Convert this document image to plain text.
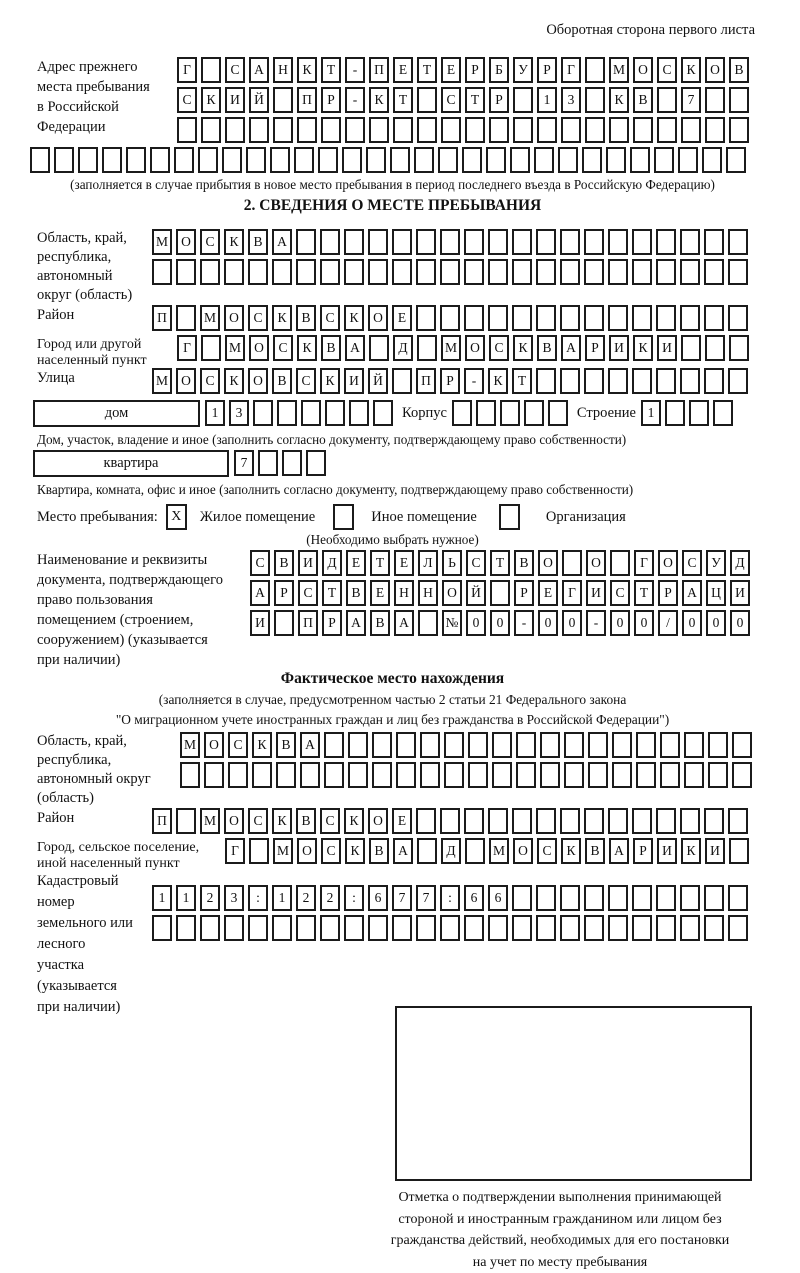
Оборотная сторона первого листа
Адрес прежнего
места пребывания
в Российской
Федерации
Г	С	А	Н	К	Т	-	П	Е	Т	Е	Р	Б	У	Р	Г	М О	С	К	О	В
С	К	И	Й	П	Р	-	К	Т	С	Т	Р	1	3	К	В	7
(заполняется в случае прибытия в новое место пребывания в период последнего въезда в Российскую Федерацию)
2. СВЕДЕНИЯ О МЕСТЕ ПРЕБЫВАНИЯ
Область, край,
республика,
автономный
округ (область)
М О	С	К	В	А
Район	П	М О	С	К	В	С	К	О	Е
Город или другой
населенный пункт
Г	М О	С	К	В	А	Д	М О	С	К	В	А	Р	И	К	И
Улица	М О	С	К	О	В	С	К	И	Й	П	Р	-	К	Т
дом	1	3	Корпус	Строение 1
Дом, участок, владение и иное (заполнить согласно документу, подтверждающему право собственности)
квартира	7
Квартира, комната, офис и иное (заполнить согласно документу, подтверждающему право собственности)
Место пребывания: X	Жилое помещение	Иное помещение	Организация
(Необходимо выбрать нужное)
Наименование и реквизиты
документа, подтверждающего
право пользования
помещением (строением,
сооружением) (указывается
при наличии)
С	В	И	Д	Е	Т	Е	Л	Ь	С	Т	В	О	О	Г	О	С	У	Д
А	Р	С	Т	В	Е	Н	Н	О	Й	Р	Е	Г	И	С	Т	Р	А	Ц	И
И	П	Р	А	В	А	№	0	0	-	0	0	-	0	0	/	0	0	0
Фактическое место нахождения
(заполняется в случае, предусмотренном частью 2 статьи 21 Федерального закона
"О миграционном учете иностранных граждан и лиц без гражданства в Российской Федерации")
Область, край,
республика,
автономный округ
(область)
М О	С	К	В	А
Район	П	М О	С	К	В	С	К	О	Е
Город, сельское поселение,
иной населенный пункт
Г	М О	С	К	В	А	Д	М О	С	К	В	А	Р	И	К	И
Кадастровый номер
земельного или лесного
участка (указывается
при наличии)
1	1	2	3	:	1	2	2	:	6	7	7	:	6	6
Отметка о подтверждении выполнения принимающей
стороной и иностранным гражданином или лицом без
гражданства действий, необходимых для его постановки
на учет по месту пребывания
